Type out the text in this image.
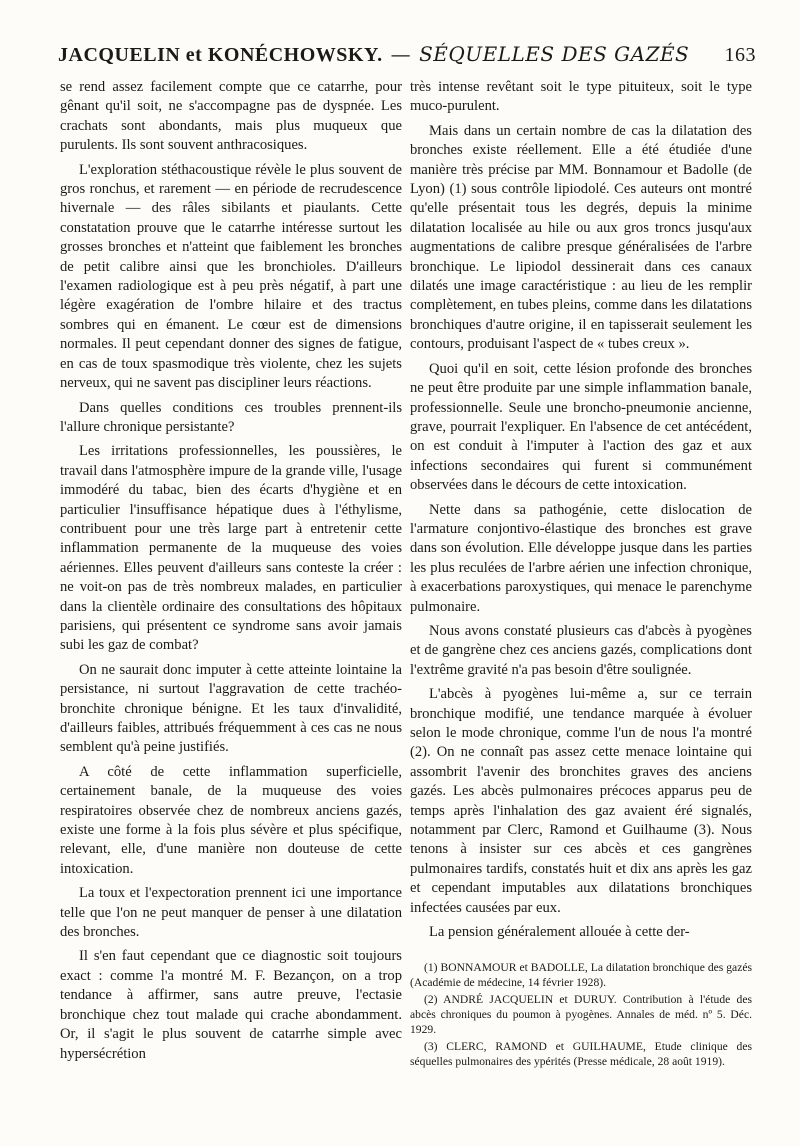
JACQUELIN et KONÉCHOWSKY. — SÉQUELLES DES GAZÉS	163

se rend assez facilement compte que ce catarrhe, pour gênant qu'il soit, ne s'accompagne pas de dyspnée. Les crachats sont abondants, mais plus muqueux que purulents. Ils sont souvent anthracosiques.

L'exploration stéthacoustique révèle le plus souvent de gros ronchus, et rarement — en période de recrudescence hivernale — des râles sibilants et piaulants. Cette constatation prouve que le catarrhe intéresse surtout les grosses bronches et n'atteint que faiblement les bronches de petit calibre ainsi que les bronchioles. D'ailleurs l'examen radiologique est à peu près négatif, à part une légère exagération de l'ombre hilaire et des tractus sombres qui en émanent. Le cœur est de dimensions normales. Il peut cependant donner des signes de fatigue, en cas de toux spasmodique très violente, chez les sujets nerveux, qui ne savent pas discipliner leurs réactions.

Dans quelles conditions ces troubles prennent-ils l'allure chronique persistante?

Les irritations professionnelles, les poussières, le travail dans l'atmosphère impure de la grande ville, l'usage immodéré du tabac, bien des écarts d'hygiène et en particulier l'insuffisance hépatique dues à l'éthylisme, contribuent pour une très large part à entretenir cette inflammation permanente de la muqueuse des voies aériennes. Elles peuvent d'ailleurs sans conteste la créer : ne voit-on pas de très nombreux malades, en particulier dans la clientèle ordinaire des consultations des hôpitaux parisiens, qui présentent ce syndrome sans avoir jamais subi les gaz de combat?

On ne saurait donc imputer à cette atteinte lointaine la persistance, ni surtout l'aggravation de cette trachéo-bronchite chronique bénigne. Et les taux d'invalidité, d'ailleurs faibles, attribués fréquemment à ces cas ne nous semblent qu'à peine justifiés.

A côté de cette inflammation superficielle, certainement banale, de la muqueuse des voies respiratoires observée chez de nombreux anciens gazés, existe une forme à la fois plus sévère et plus spécifique, relevant, elle, d'une manière non douteuse de cette intoxication.

La toux et l'expectoration prennent ici une importance telle que l'on ne peut manquer de penser à une dilatation des bronches.

Il s'en faut cependant que ce diagnostic soit toujours exact : comme l'a montré M. F. Bezançon, on a trop tendance à affirmer, sans autre preuve, l'ectasie bronchique chez tout malade qui crache abondamment. Or, il s'agit le plus souvent de catarrhe simple avec hypersécrétion

très intense revêtant soit le type pituiteux, soit le type muco-purulent.

Mais dans un certain nombre de cas la dilatation des bronches existe réellement. Elle a été étudiée d'une manière très précise par MM. Bonnamour et Badolle (de Lyon) (1) sous contrôle lipiodolé. Ces auteurs ont montré qu'elle présentait tous les degrés, depuis la minime dilatation localisée au hile ou aux gros troncs jusqu'aux augmentations de calibre presque généralisées de l'arbre bronchique. Le lipiodol dessinerait dans ces canaux dilatés une image caractéristique : au lieu de les remplir complètement, en tubes pleins, comme dans les dilatations bronchiques d'autre origine, il en tapisserait seulement les contours, produisant l'aspect de « tubes creux ».

Quoi qu'il en soit, cette lésion profonde des bronches ne peut être produite par une simple inflammation banale, professionnelle. Seule une broncho-pneumonie ancienne, grave, pourrait l'expliquer. En l'absence de cet antécédent, on est conduit à l'imputer à l'action des gaz et aux infections secondaires qui furent si communément observées dans le décours de cette intoxication.

Nette dans sa pathogénie, cette dislocation de l'armature conjontivo-élastique des bronches est grave dans son évolution. Elle développe jusque dans les parties les plus reculées de l'arbre aérien une infection chronique, à exacerbations paroxystiques, qui menace le parenchyme pulmonaire.

Nous avons constaté plusieurs cas d'abcès à pyogènes et de gangrène chez ces anciens gazés, complications dont l'extrême gravité n'a pas besoin d'être soulignée.

L'abcès à pyogènes lui-même a, sur ce terrain bronchique modifié, une tendance marquée à évoluer selon le mode chronique, comme l'un de nous l'a montré (2). On ne connaît pas assez cette menace lointaine qui assombrit l'avenir des bronchites graves des anciens gazés. Les abcès pulmonaires précoces apparus peu de temps après l'inhalation des gaz avaient éré signalés, notamment par Clerc, Ramond et Guilhaume (3). Nous tenons à insister sur ces abcès et ces gangrènes pulmonaires tardifs, constatés huit et dix ans après les gaz et cependant imputables aux dilatations bronchiques infectées causées par eux.

La pension généralement allouée à cette der-

(1) BONNAMOUR et BADOLLE, La dilatation bronchique des gazés (Académie de médecine, 14 février 1928).

(2) ANDRÉ JACQUELIN et DURUY. Contribution à l'étude des abcès chroniques du poumon à pyogènes. Annales de méd. nº 5. Déc. 1929.

(3) CLERC, RAMOND et GUILHAUME, Etude clinique des séquelles pulmonaires des ypérités (Presse médicale, 28 août 1919).
